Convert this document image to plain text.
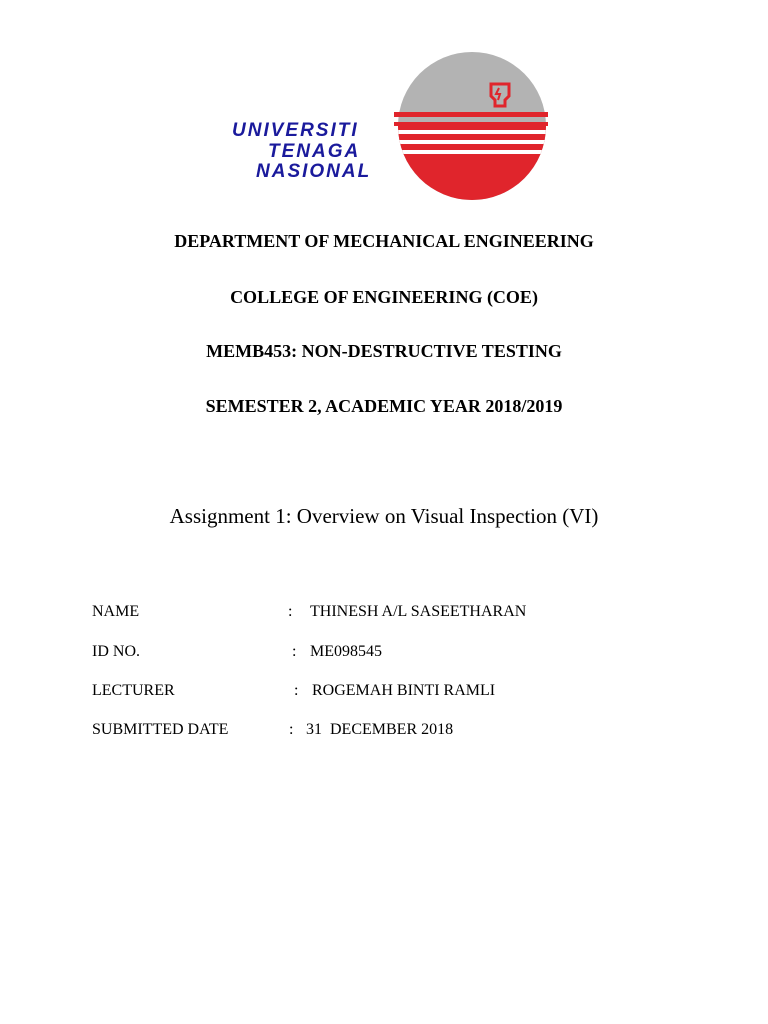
UNIVERSITI
TENAGA
NASIONAL
DEPARTMENT OF MECHANICAL ENGINEERING
COLLEGE OF ENGINEERING (COE)
MEMB453: NON-DESTRUCTIVE TESTING
SEMESTER 2, ACADEMIC YEAR 2018/2019
Assignment 1: Overview on Visual Inspection (VI)
NAME	: THINESH A/L SASEETHARAN
ID NO.	: ME098545
LECTURER	: ROGEMAH BINTI RAMLI
SUBMITTED DATE	: 31  DECEMBER 2018
